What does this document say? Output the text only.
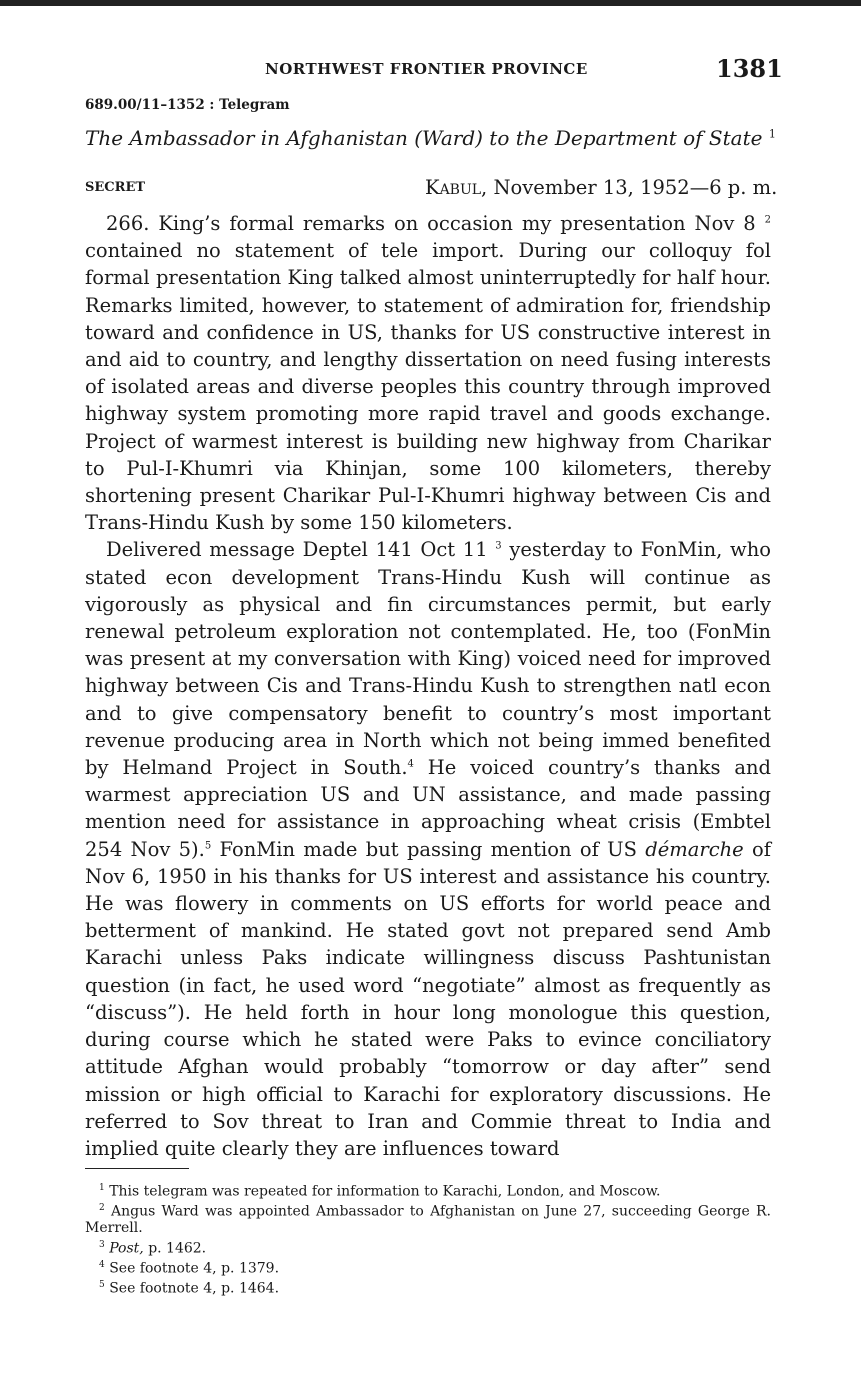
NORTHWEST FRONTIER PROVINCE	1381
689.00/11–1352 : Telegram
The Ambassador in Afghanistan (Ward) to the Department of State $^1$
SECRET	Kabul, November 13, 1952—6 p. m.

266. King’s formal remarks on occasion my presentation Nov 8 $^2$ contained no statement of tele import. During our colloquy fol formal presentation King talked almost uninterruptedly for half hour. Remarks limited, however, to statement of admiration for, friendship toward and confidence in US, thanks for US constructive interest in and aid to country, and lengthy dissertation on need fusing interests of isolated areas and diverse peoples this country through improved highway system promoting more rapid travel and goods exchange. Project of warmest interest is building new highway from Charikar to Pul-I-Khumri via Khinjan, some 100 kilometers, thereby shortening present Charikar Pul-I-Khumri highway between Cis and Trans-Hindu Kush by some 150 kilometers.

Delivered message Deptel 141 Oct 11 $^3$ yesterday to FonMin, who stated econ development Trans-Hindu Kush will continue as vigorously as physical and fin circumstances permit, but early renewal petroleum exploration not contemplated. He, too (FonMin was present at my conversation with King) voiced need for improved highway between Cis and Trans-Hindu Kush to strengthen natl econ and to give compensatory benefit to country’s most important revenue producing area in North which not being immed benefited by Helmand Project in South.$^4$ He voiced country’s thanks and warmest appreciation US and UN assistance, and made passing mention need for assistance in approaching wheat crisis (Embtel 254 Nov 5).$^5$ FonMin made but passing mention of US démarche of Nov 6, 1950 in his thanks for US interest and assistance his country. He was flowery in comments on US efforts for world peace and betterment of mankind. He stated govt not prepared send Amb Karachi unless Paks indicate willingness discuss Pashtunistan question (in fact, he used word “negotiate” almost as frequently as “discuss”). He held forth in hour long monologue this question, during course which he stated were Paks to evince conciliatory attitude Afghan would probably “tomorrow or day after” send mission or high official to Karachi for exploratory discussions. He referred to Sov threat to Iran and Commie threat to India and implied quite clearly they are influences toward

$^1$ This telegram was repeated for information to Karachi, London, and Moscow.

$^2$ Angus Ward was appointed Ambassador to Afghanistan on June 27, succeeding George R. Merrell.

$^3$ Post, p. 1462.

$^4$ See footnote 4, p. 1379.

$^5$ See footnote 4, p. 1464.
